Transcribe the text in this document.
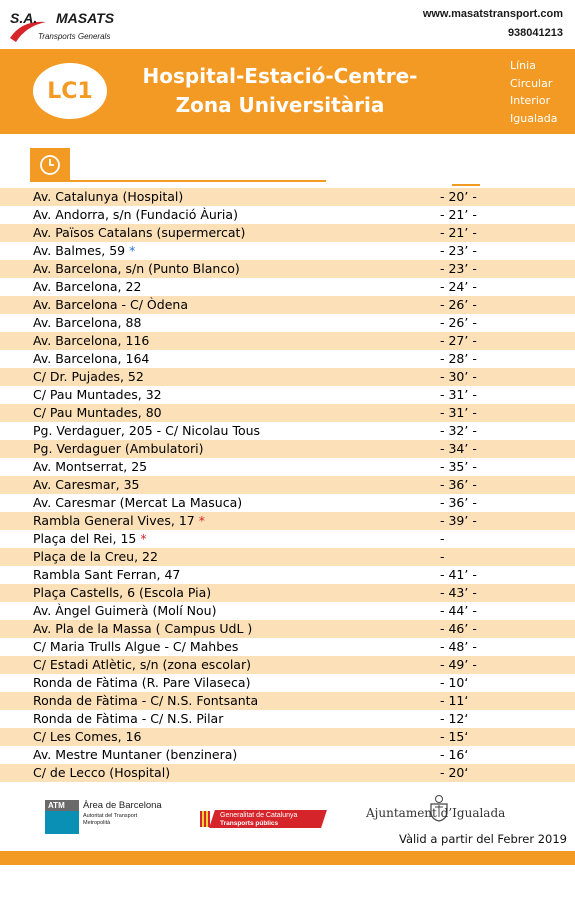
S.A. MASATS
Transports Generals
www.masatstransport.com
938041213
LC1
Hospital-Estació-Centre-
Zona Universitària
Línia
Circular
Interior
Igualada
Av. Catalunya (Hospital)	- 20’ -
Av. Andorra, s/n (Fundació Àuria)	- 21’ -
Av. Països Catalans (supermercat)	- 21’ -
Av. Balmes, 59 *	- 23’ -
Av. Barcelona, s/n (Punto Blanco)	- 23’ -
Av. Barcelona, 22	- 24’ -
Av. Barcelona - C/ Òdena	- 26’ -
Av. Barcelona, 88	- 26’ -
Av. Barcelona, 116	- 27’ -
Av. Barcelona, 164	- 28’ -
C/ Dr. Pujades, 52	- 30’ -
C/ Pau Muntades, 32	- 31’ -
C/ Pau Muntades, 80	- 31’ -
Pg. Verdaguer, 205 - C/ Nicolau Tous	- 32’ -
Pg. Verdaguer (Ambulatori)	- 34’ -
Av. Montserrat, 25	- 35’ -
Av. Caresmar, 35	- 36’ -
Av. Caresmar (Mercat La Masuca)	- 36’ -
Rambla General Vives, 17 *	- 39’ -
Plaça del Rei, 15 *	-
Plaça de la Creu, 22	-
Rambla Sant Ferran, 47	- 41’ -
Plaça Castells, 6 (Escola Pia)	- 43’ -
Av. Àngel Guimerà (Molí Nou)	- 44’ -
Av. Pla de la Massa ( Campus UdL )	- 46’ -
C/ Maria Trulls Algue - C/ Mahbes	- 48’ -
C/ Estadi Atlètic, s/n (zona escolar)	- 49’ -
Ronda de Fàtima (R. Pare Vilaseca)	- 10‘
Ronda de Fàtima - C/ N.S. Fontsanta	- 11‘
Ronda de Fàtima - C/ N.S. Pilar	- 12‘
C/ Les Comes, 16	- 15‘
Av. Mestre Muntaner (benzinera)	- 16‘
C/ de Lecco (Hospital)	- 20‘
ATM	Àrea de Barcelona
Autoritat del Transport
Metropolità
Generalitat de Catalunya
Transports públics
Ajuntament d’Igualada
Vàlid a partir del Febrer 2019
